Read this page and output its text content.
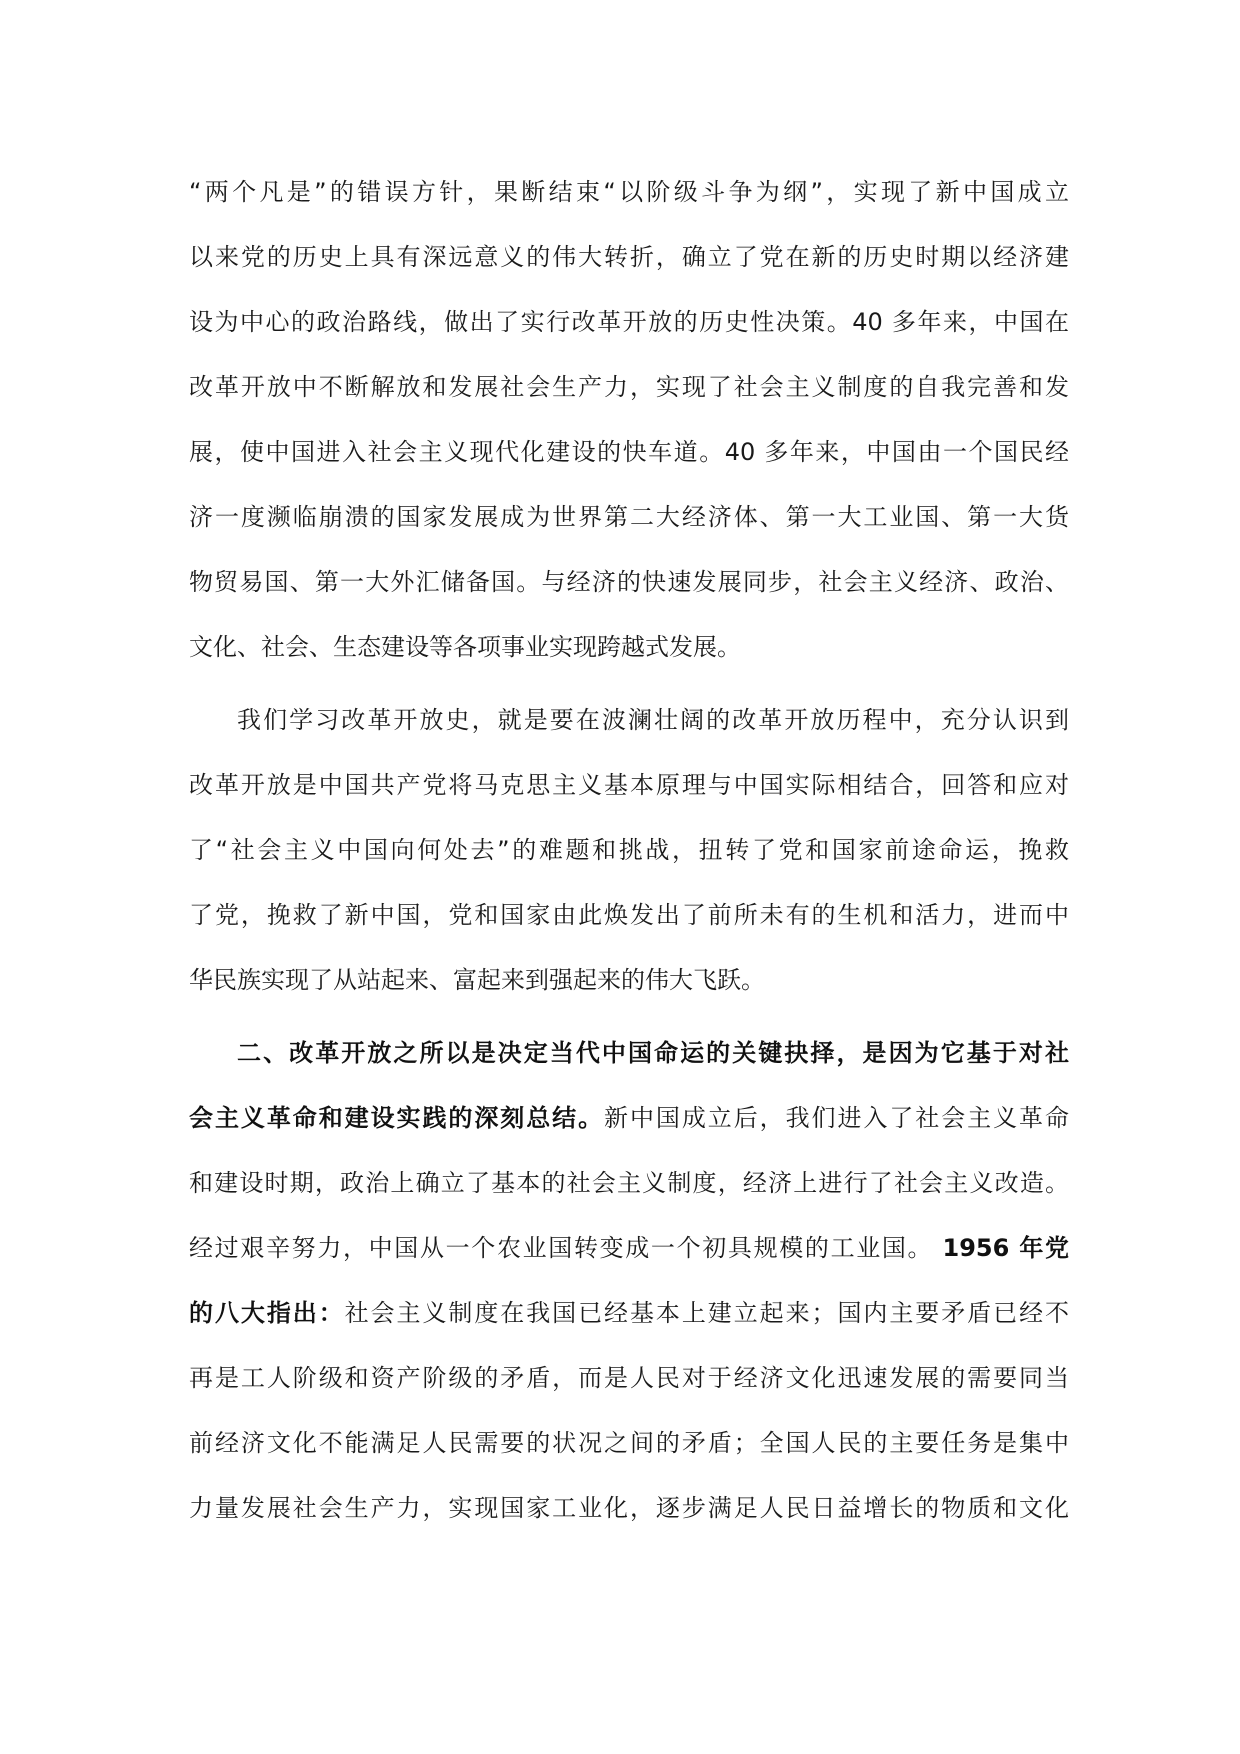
“两个凡是”的错误方针，果断结束“以阶级斗争为纲”，实现了新中国成立
以来党的历史上具有深远意义的伟大转折，确立了党在新的历史时期以经济建
设为中心的政治路线，做出了实行改革开放的历史性决策。40 多年来，中国在
改革开放中不断解放和发展社会生产力，实现了社会主义制度的自我完善和发
展，使中国进入社会主义现代化建设的快车道。40 多年来，中国由一个国民经
济一度濒临崩溃的国家发展成为世界第二大经济体、第一大工业国、第一大货
物贸易国、第一大外汇储备国。与经济的快速发展同步，社会主义经济、政治、
文化、社会、生态建设等各项事业实现跨越式发展。
我们学习改革开放史，就是要在波澜壮阔的改革开放历程中，充分认识到
改革开放是中国共产党将马克思主义基本原理与中国实际相结合，回答和应对
了“社会主义中国向何处去”的难题和挑战，扭转了党和国家前途命运，挽救
了党，挽救了新中国，党和国家由此焕发出了前所未有的生机和活力，进而中
华民族实现了从站起来、富起来到强起来的伟大飞跃。
二、改革开放之所以是决定当代中国命运的关键抉择，是因为它基于对社
会主义革命和建设实践的深刻总结。新中国成立后，我们进入了社会主义革命
和建设时期，政治上确立了基本的社会主义制度，经济上进行了社会主义改造。
经过艰辛努力，中国从一个农业国转变成一个初具规模的工业国。 1956 年党
的八大指出：社会主义制度在我国已经基本上建立起来；国内主要矛盾已经不
再是工人阶级和资产阶级的矛盾，而是人民对于经济文化迅速发展的需要同当
前经济文化不能满足人民需要的状况之间的矛盾；全国人民的主要任务是集中
力量发展社会生产力，实现国家工业化，逐步满足人民日益增长的物质和文化
